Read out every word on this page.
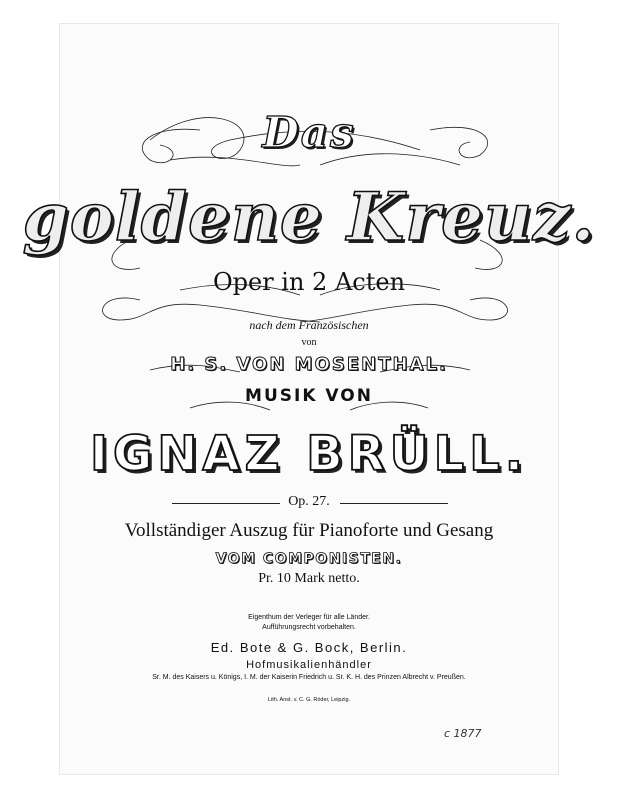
Das
goldene Kreuz.
Oper in 2 Acten
nach dem Französischen
von
H. S. VON MOSENTHAL.
MUSIK VON
IGNAZ BRÜLL.
Op. 27.
Vollständiger Auszug für Pianoforte und Gesang
VOM COMPONISTEN.
Pr. 10 Mark netto.
Eigenthum der Verleger für alle Länder.
Aufführungsrecht vorbehalten.
Ed. Bote & G. Bock, Berlin.
Hofmusikalienhändler
Sr. M. des Kaisers u. Königs, I. M. der Kaiserin Friedrich u. Sr. K. H. des Prinzen Albrecht v. Preußen.
Lith. Anst. v. C. G. Röder, Leipzig.
c 1877
